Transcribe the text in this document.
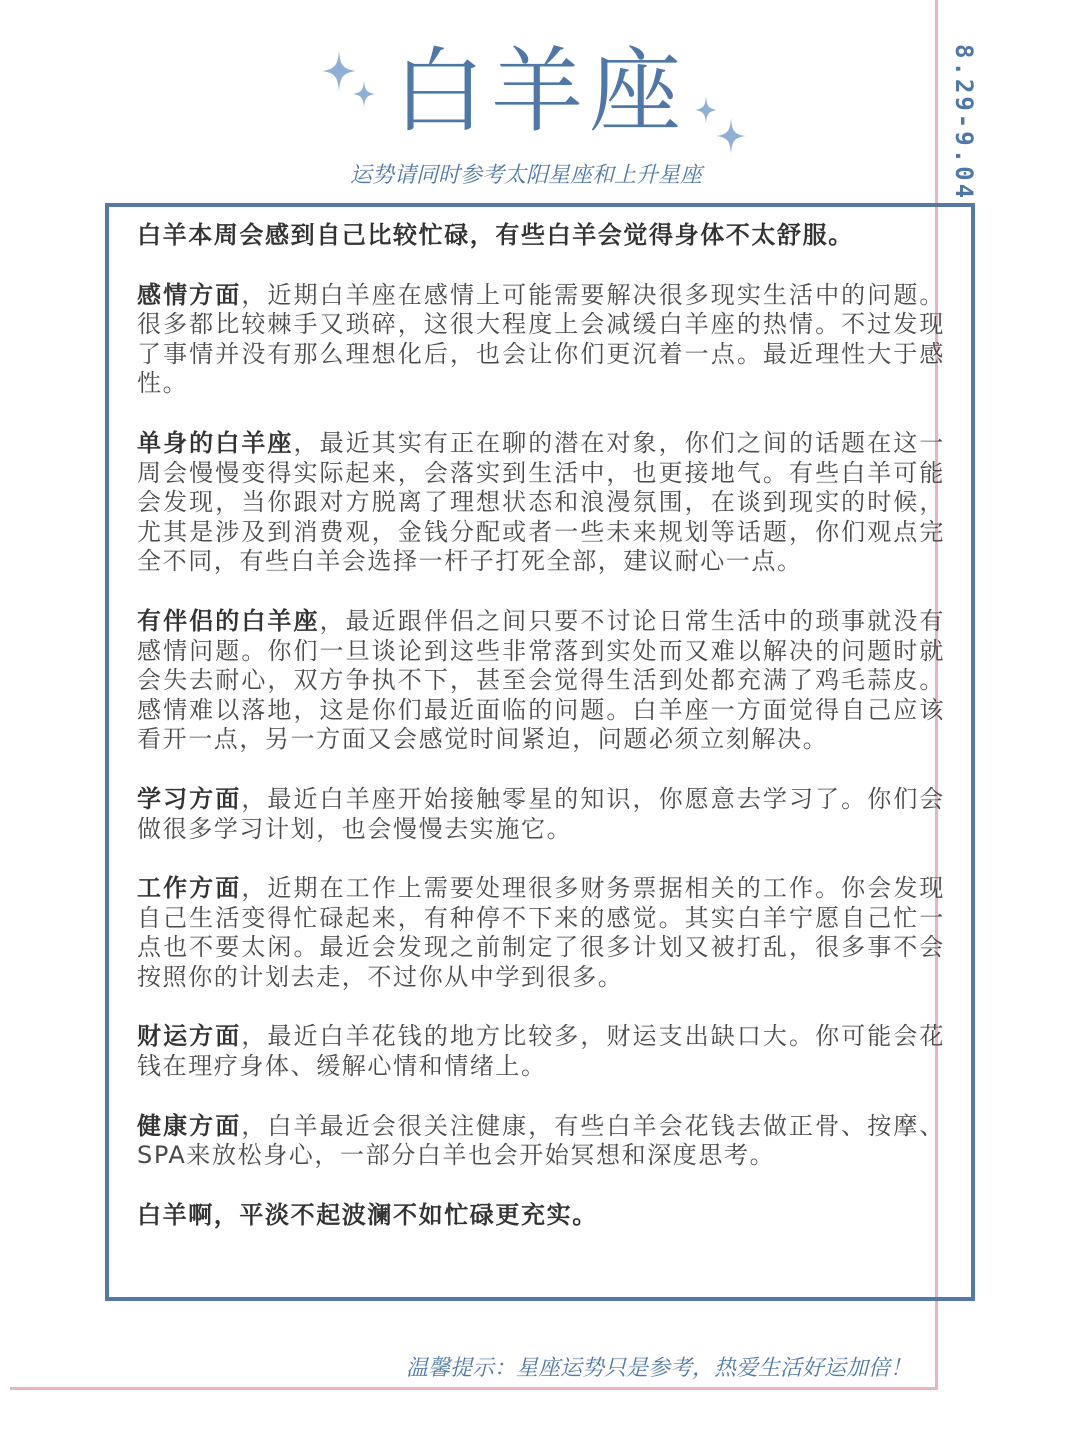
白羊座
运势请同时参考太阳星座和上升星座	8.29-9.04

白羊本周会感到自己比较忙碌，有些白羊会觉得身体不太舒服。

感情方面，近期白羊座在感情上可能需要解决很多现实生活中的问题。很多都比较棘手又琐碎，这很大程度上会减缓白羊座的热情。不过发现了事情并没有那么理想化后，也会让你们更沉着一点。最近理性大于感性。

单身的白羊座，最近其实有正在聊的潜在对象，你们之间的话题在这一周会慢慢变得实际起来，会落实到生活中，也更接地气。有些白羊可能会发现，当你跟对方脱离了理想状态和浪漫氛围，在谈到现实的时候，尤其是涉及到消费观，金钱分配或者一些未来规划等话题，你们观点完全不同，有些白羊会选择一杆子打死全部，建议耐心一点。

有伴侣的白羊座，最近跟伴侣之间只要不讨论日常生活中的琐事就没有感情问题。你们一旦谈论到这些非常落到实处而又难以解决的问题时就会失去耐心，双方争执不下，甚至会觉得生活到处都充满了鸡毛蒜皮。感情难以落地，这是你们最近面临的问题。白羊座一方面觉得自己应该看开一点，另一方面又会感觉时间紧迫，问题必须立刻解决。

学习方面，最近白羊座开始接触零星的知识，你愿意去学习了。你们会做很多学习计划，也会慢慢去实施它。

工作方面，近期在工作上需要处理很多财务票据相关的工作。你会发现自己生活变得忙碌起来，有种停不下来的感觉。其实白羊宁愿自己忙一点也不要太闲。最近会发现之前制定了很多计划又被打乱，很多事不会按照你的计划去走，不过你从中学到很多。

财运方面，最近白羊花钱的地方比较多，财运支出缺口大。你可能会花钱在理疗身体、缓解心情和情绪上。

健康方面，白羊最近会很关注健康，有些白羊会花钱去做正骨、按摩、 SPA来放松身心，一部分白羊也会开始冥想和深度思考。

白羊啊，平淡不起波澜不如忙碌更充实。

温馨提示：星座运势只是参考，热爱生活好运加倍！
